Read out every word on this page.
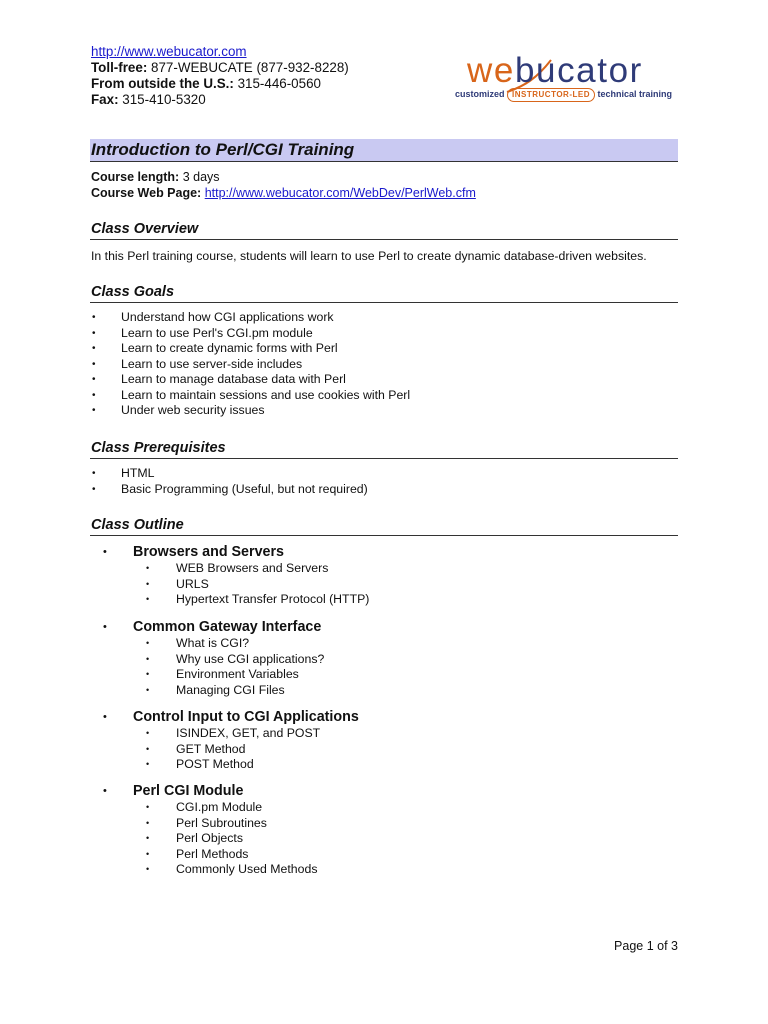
http://www.webucator.com
Toll-free: 877-WEBUCATE (877-932-8228)
From outside the U.S.: 315-446-0560
Fax: 315-410-5320
webucator
customized INSTRUCTOR-LED technical training
Introduction to Perl/CGI Training
Course length: 3 days
Course Web Page: http://www.webucator.com/WebDev/PerlWeb.cfm
Class Overview
In this Perl training course, students will learn to use Perl to create dynamic database-driven websites.
Class Goals
• Understand how CGI applications work
• Learn to use Perl's CGI.pm module
• Learn to create dynamic forms with Perl
• Learn to use server-side includes
• Learn to manage database data with Perl
• Learn to maintain sessions and use cookies with Perl
• Under web security issues
Class Prerequisites
• HTML
• Basic Programming (Useful, but not required)
Class Outline
• Browsers and Servers
• WEB Browsers and Servers
• URLS
• Hypertext Transfer Protocol (HTTP)
• Common Gateway Interface
• What is CGI?
• Why use CGI applications?
• Environment Variables
• Managing CGI Files
• Control Input to CGI Applications
• ISINDEX, GET, and POST
• GET Method
• POST Method
• Perl CGI Module
• CGI.pm Module
• Perl Subroutines
• Perl Objects
• Perl Methods
• Commonly Used Methods
Page 1 of 3
